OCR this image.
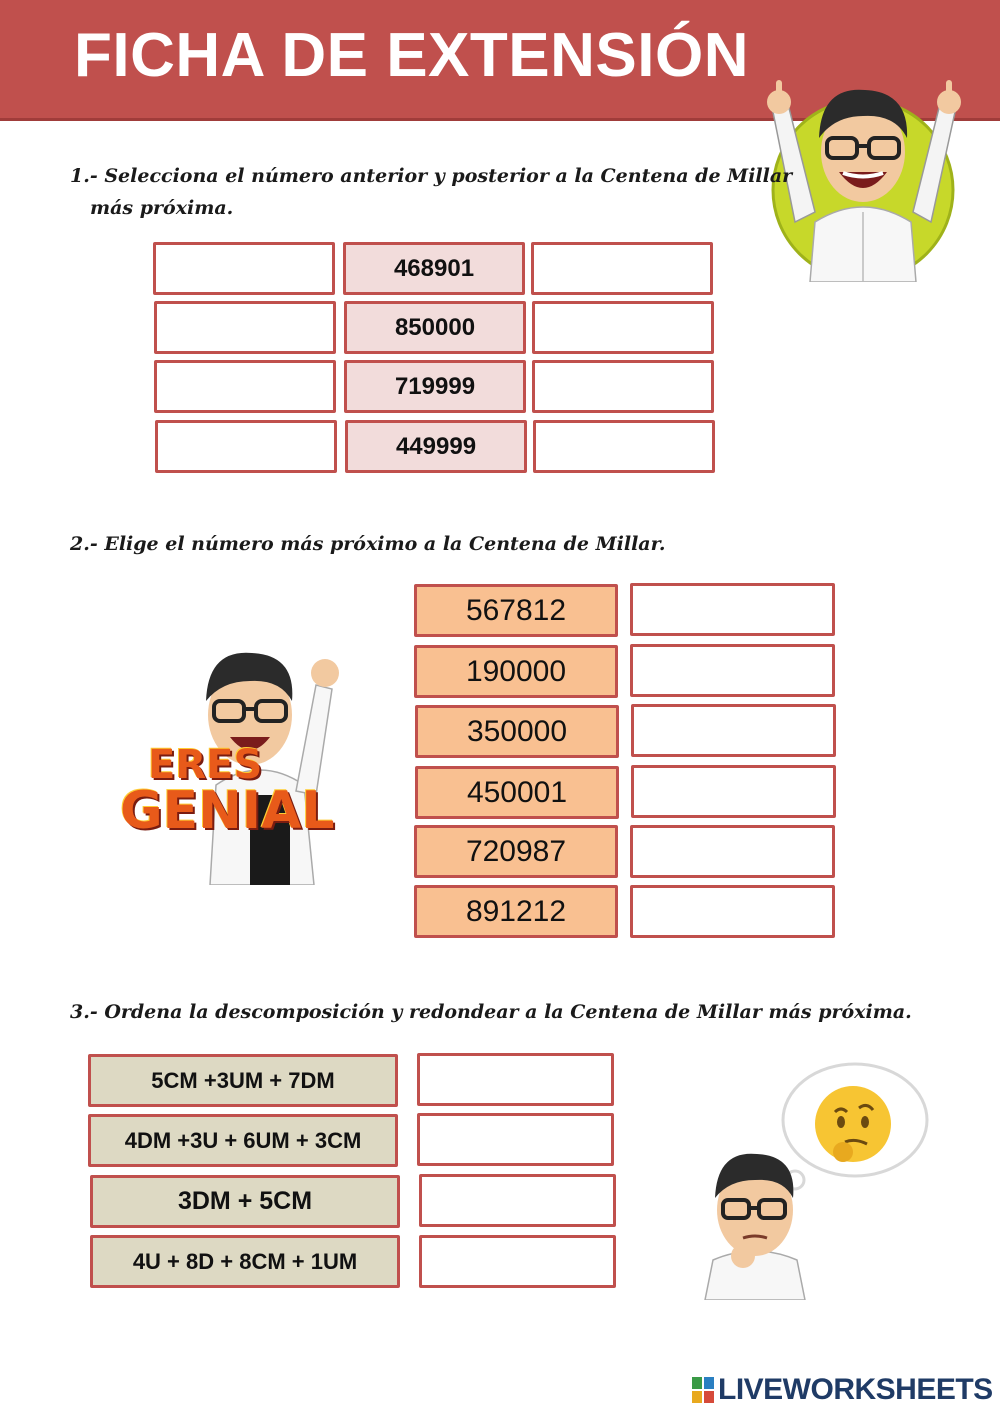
FICHA DE EXTENSIÓN
1.- Selecciona el número anterior y posterior a la Centena de Millar
más próxima.
468901
850000
719999
449999
2.- Elige el número más próximo a la Centena de Millar.
ERES
GENIAL
567812
190000
350000
450001
720987
891212
3.- Ordena la descomposición y redondear a la Centena de Millar más próxima.
5CM +3UM + 7DM
4DM +3U + 6UM + 3CM
3DM + 5CM
4U + 8D + 8CM + 1UM
LIVEWORKSHEETS
